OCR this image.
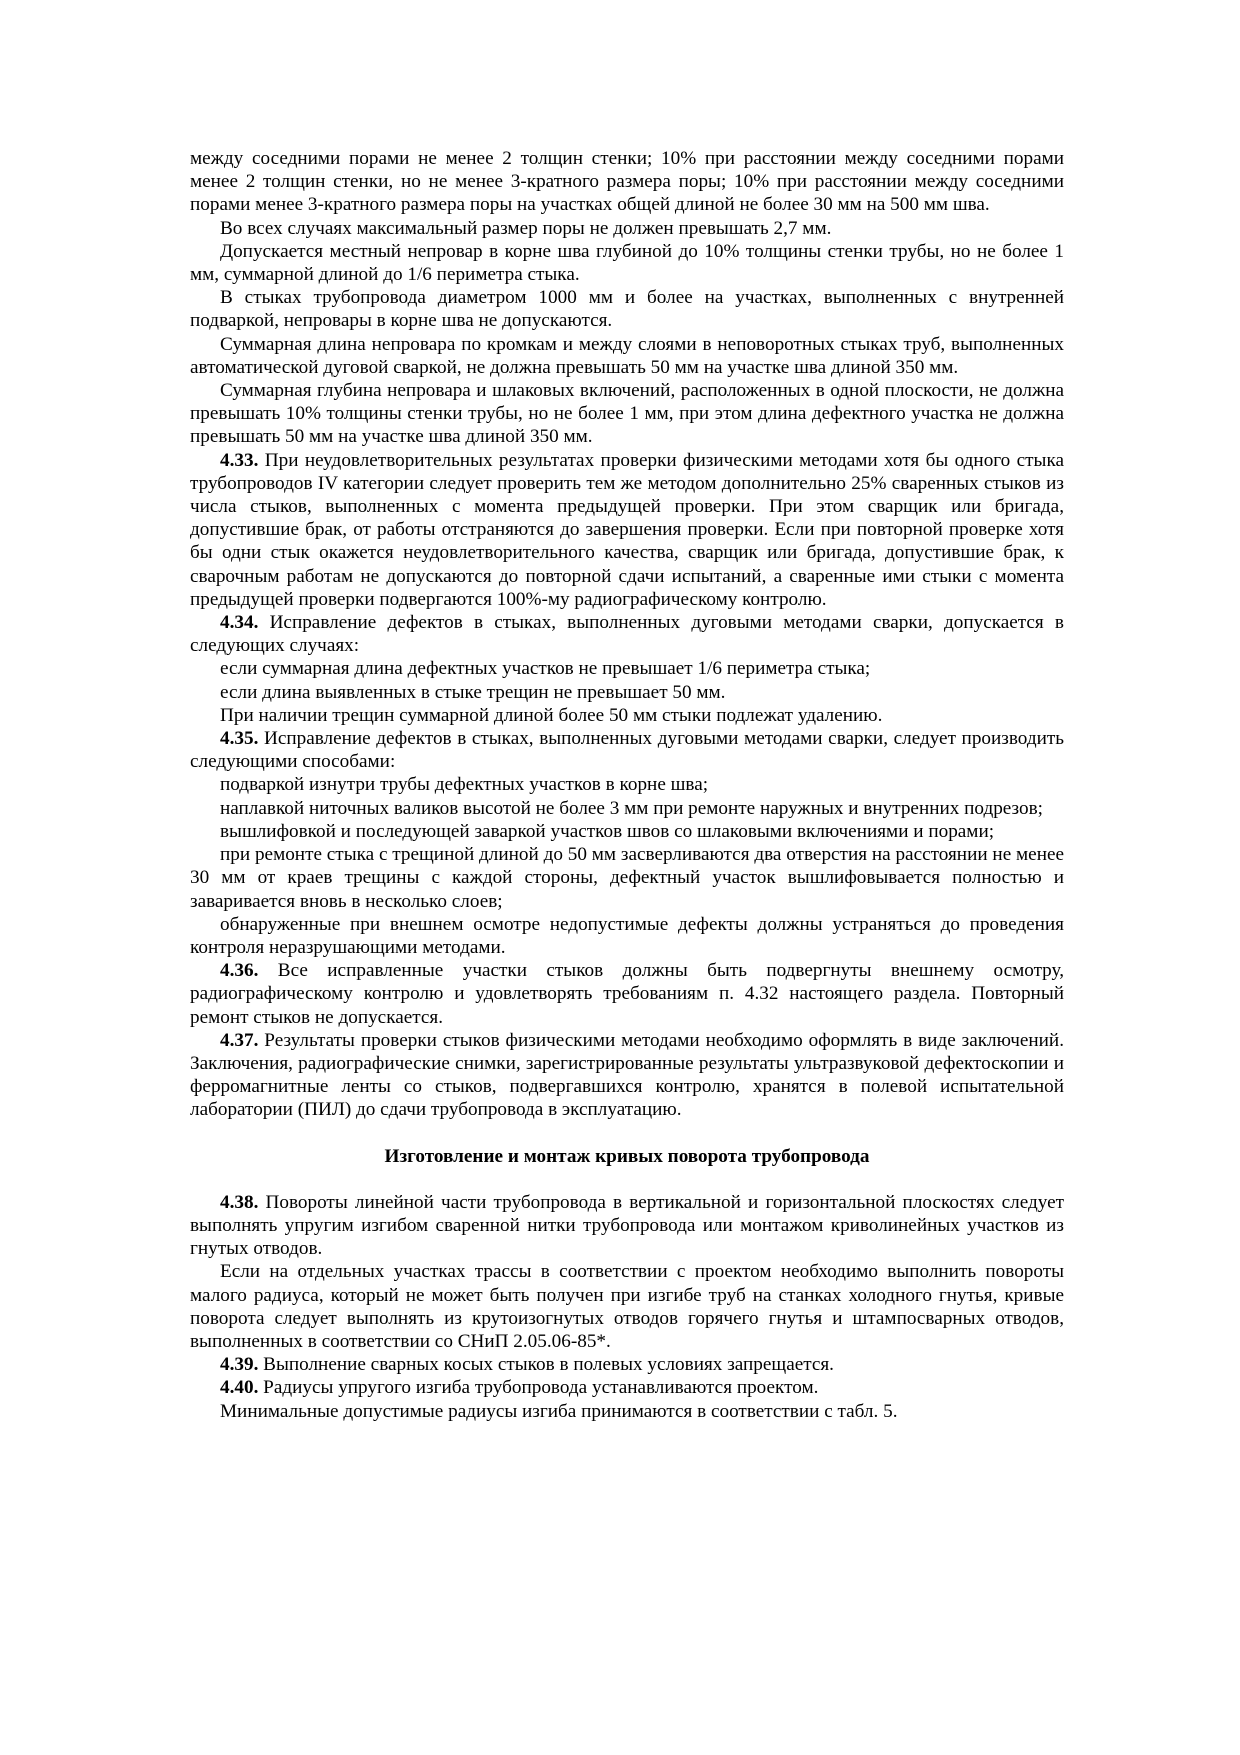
между соседними порами не менее 2 толщин стенки; 10% при расстоянии между соседними порами менее 2 толщин стенки, но не менее 3-кратного размера поры; 10% при расстоянии между соседними порами менее 3-кратного размера поры на участках общей длиной не более 30 мм на 500 мм шва.

Во всех случаях максимальный размер поры не должен превышать 2,7 мм.

Допускается местный непровар в корне шва глубиной до 10% толщины стенки трубы, но не более 1 мм, суммарной длиной до 1/6 периметра стыка.

В стыках трубопровода диаметром 1000 мм и более на участках, выполненных с внутренней подваркой, непровары в корне шва не допускаются.

Суммарная длина непровара по кромкам и между слоями в неповоротных стыках труб, выполненных автоматической дуговой сваркой, не должна превышать 50 мм на участке шва длиной 350 мм.

Суммарная глубина непровара и шлаковых включений, расположенных в одной плоскости, не должна превышать 10% толщины стенки трубы, но не более 1 мм, при этом длина дефектного участка не должна превышать 50 мм на участке шва длиной 350 мм.

4.33. При неудовлетворительных результатах проверки физическими методами хотя бы одного стыка трубопроводов IV категории следует проверить тем же методом дополнительно 25% сваренных стыков из числа стыков, выполненных с момента предыдущей проверки. При этом сварщик или бригада, допустившие брак, от работы отстраняются до завершения проверки. Если при повторной проверке хотя бы одни стык окажется неудовлетворительного качества, сварщик или бригада, допустившие брак, к сварочным работам не допускаются до повторной сдачи испытаний, а сваренные ими стыки с момента предыдущей проверки подвергаются 100%-му радиографическому контролю.

4.34. Исправление дефектов в стыках, выполненных дуговыми методами сварки, допускается в следующих случаях:

если суммарная длина дефектных участков не превышает 1/6 периметра стыка;

если длина выявленных в стыке трещин не превышает 50 мм.

При наличии трещин суммарной длиной более 50 мм стыки подлежат удалению.

4.35. Исправление дефектов в стыках, выполненных дуговыми методами сварки, следует производить следующими способами:

подваркой изнутри трубы дефектных участков в корне шва;

наплавкой ниточных валиков высотой не более 3 мм при ремонте наружных и внутренних подрезов;

вышлифовкой и последующей заваркой участков швов со шлаковыми включениями и порами;

при ремонте стыка с трещиной длиной до 50 мм засверливаются два отверстия на расстоянии не менее 30 мм от краев трещины с каждой стороны, дефектный участок вышлифовывается полностью и заваривается вновь в несколько слоев;

обнаруженные при внешнем осмотре недопустимые дефекты должны устраняться до проведения контроля неразрушающими методами.

4.36. Все исправленные участки стыков должны быть подвергнуты внешнему осмотру, радиографическому контролю и удовлетворять требованиям п. 4.32 настоящего раздела. Повторный ремонт стыков не допускается.

4.37. Результаты проверки стыков физическими методами необходимо оформлять в виде заключений. Заключения, радиографические снимки, зарегистрированные результаты ультразвуковой дефектоскопии и ферромагнитные ленты со стыков, подвергавшихся контролю, хранятся в полевой испытательной лаборатории (ПИЛ) до сдачи трубопровода в эксплуатацию.

Изготовление и монтаж кривых поворота трубопровода

4.38. Повороты линейной части трубопровода в вертикальной и горизонтальной плоскостях следует выполнять упругим изгибом сваренной нитки трубопровода или монтажом криволинейных участков из гнутых отводов.

Если на отдельных участках трассы в соответствии с проектом необходимо выполнить повороты малого радиуса, который не может быть получен при изгибе труб на станках холодного гнутья, кривые поворота следует выполнять из крутоизогнутых отводов горячего гнутья и штампосварных отводов, выполненных в соответствии со СНиП 2.05.06-85*.

4.39. Выполнение сварных косых стыков в полевых условиях запрещается.

4.40. Радиусы упругого изгиба трубопровода устанавливаются проектом.

Минимальные допустимые радиусы изгиба принимаются в соответствии с табл. 5.
